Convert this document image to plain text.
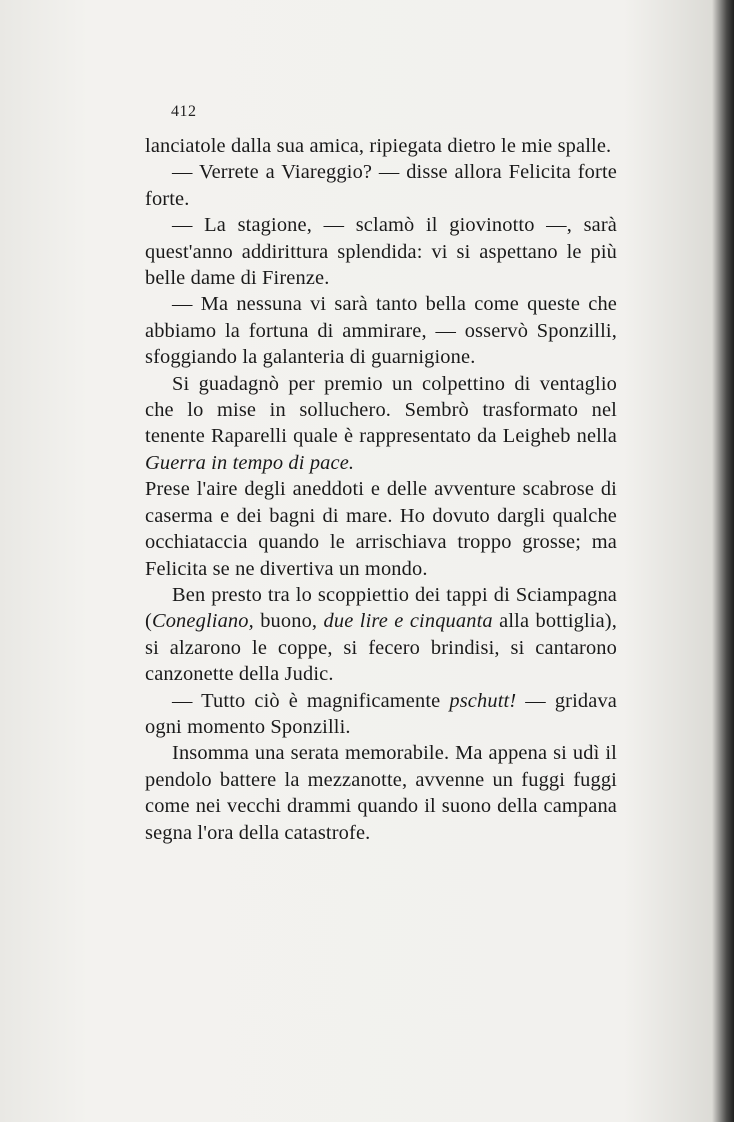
412

lanciatole dalla sua amica, ripiegata dietro le mie spalle.

— Verrete a Viareggio? — disse allora Felicita forte forte.

— La stagione, — sclamò il giovinotto —, sarà quest'anno addirittura splendida: vi si aspettano le più belle dame di Firenze.

— Ma nessuna vi sarà tanto bella come queste che abbiamo la fortuna di ammirare, — osservò Sponzilli, sfoggiando la galanteria di guarnigione.

Si guadagnò per premio un colpettino di ventaglio che lo mise in solluchero. Sembrò trasformato nel tenente Raparelli quale è rappresentato da Leigheb nella Guerra in tempo di pace.

Prese l'aire degli aneddoti e delle avventure scabrose di caserma e dei bagni di mare. Ho dovuto dargli qualche occhiataccia quando le arrischiava troppo grosse; ma Felicita se ne divertiva un mondo.

Ben presto tra lo scoppiettio dei tappi di Sciampagna (Conegliano, buono, due lire e cinquanta alla bottiglia), si alzarono le coppe, si fecero brindisi, si cantarono canzonette della Judic.

— Tutto ciò è magnificamente pschutt! — gridava ogni momento Sponzilli.

Insomma una serata memorabile. Ma appena si udì il pendolo battere la mezzanotte, avvenne un fuggi fuggi come nei vecchi drammi quando il suono della campana segna l'ora della catastrofe.
